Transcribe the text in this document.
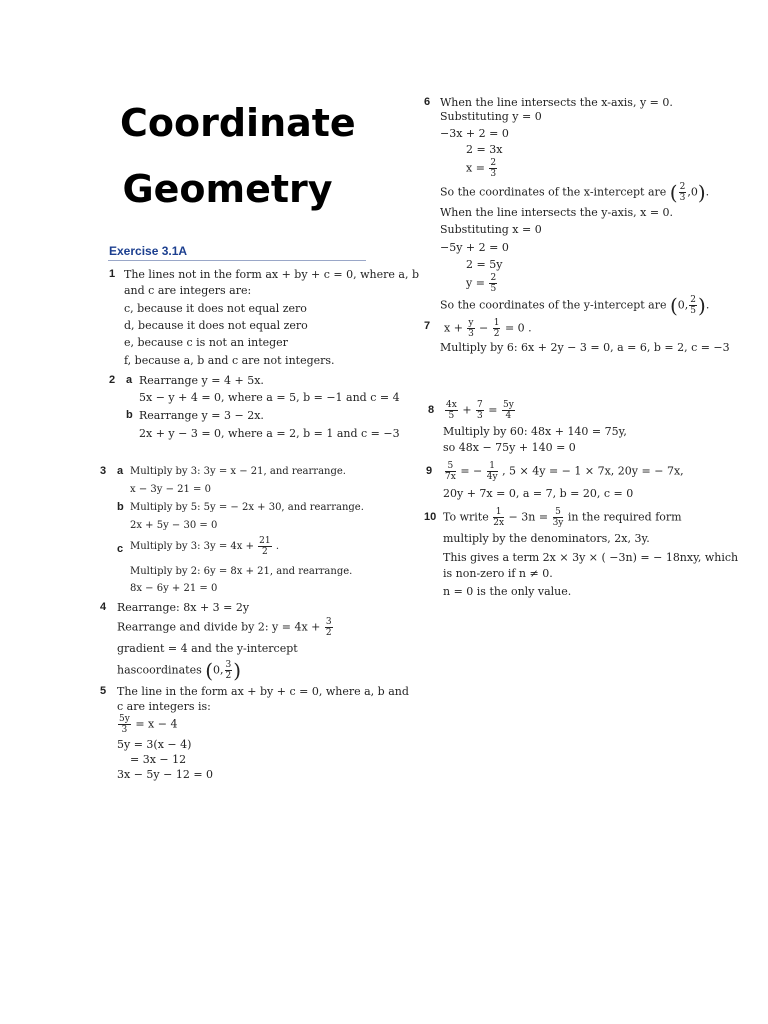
Coordinate
Geometry
Exercise 3.1A
1 The lines not in the form ax + by + c = 0, where a, b
and c are integers are:
c, because it does not equal zero
d, because it does not equal zero
e, because c is not an integer
f, because a, b and c are not integers.
2 a Rearrange y = 4 + 5x.
5x − y + 4 = 0, where a = 5, b = −1 and c = 4
b Rearrange y = 3 − 2x.
2x + y − 3 = 0, where a = 2, b = 1 and c = −3
3 a Multiply by 3: 3y = x − 21, and rearrange.
x − 3y − 21 = 0
b Multiply by 5: 5y = − 2x + 30, and rearrange.
2x + 5y − 30 = 0
c Multiply by 3: $3y = 4x + \frac{21}{2}$ .
Multiply by 2: 6y = 8x + 21, and rearrange.
8x − 6y + 21 = 0
4 Rearrange: 8x + 3 = 2y
Rearrange and divide by 2: $y = 4x + \frac{3}{2}$
gradient = 4 and the y-intercept
hascoordinates (0, $\frac{3}{2}$ )
5 The line in the form ax + by + c = 0, where a, b and
c are integers is:
$\frac{5y}{3} = x - 4$
5y = 3(x − 4)
= 3x − 12
3x − 5y − 12 = 0
6 When the line intersects the x-axis, y = 0.
Substituting y = 0
−3x + 2 = 0
2 = 3x
$x = \frac{2}{3}$
So the coordinates of the x-intercept are ( $\frac{2}{3} ,0$).
When the line intersects the y-axis, x = 0.
Substituting x = 0
−5y + 2 = 0
2 = 5y
$y = \frac{2}{5}$
So the coordinates of the y-intercept are (0, $\frac{2}{5}$ ).
7 $x + \frac{y}{3} - \frac{1}{2} = 0$ .
Multiply by 6: 6x + 2y − 3 = 0, a = 6, b = 2, c = −3
$8 \frac{4x}{5} + \frac{7}{3} = \frac{5y}{4}$
Multiply by 60: 48x + 140 = 75y,
so 48x − 75y + 140 = 0
$9 \frac{5}{7x}$ = − $\frac{1}{4y}$ , 5 × 4y = − 1 × 7x, 20y = − 7x,
20y + 7x = 0, a = 7, b = 20, c = 0
10 To write $\frac{1}{2x} - 3n = \frac{5}{3y}$ in the required form
multiply by the denominators, 2x, 3y.
This gives a term 2x × 3y × ( −3n) = − 18nxy, which
is non-zero if n ≠ 0.
n = 0 is the only value.
